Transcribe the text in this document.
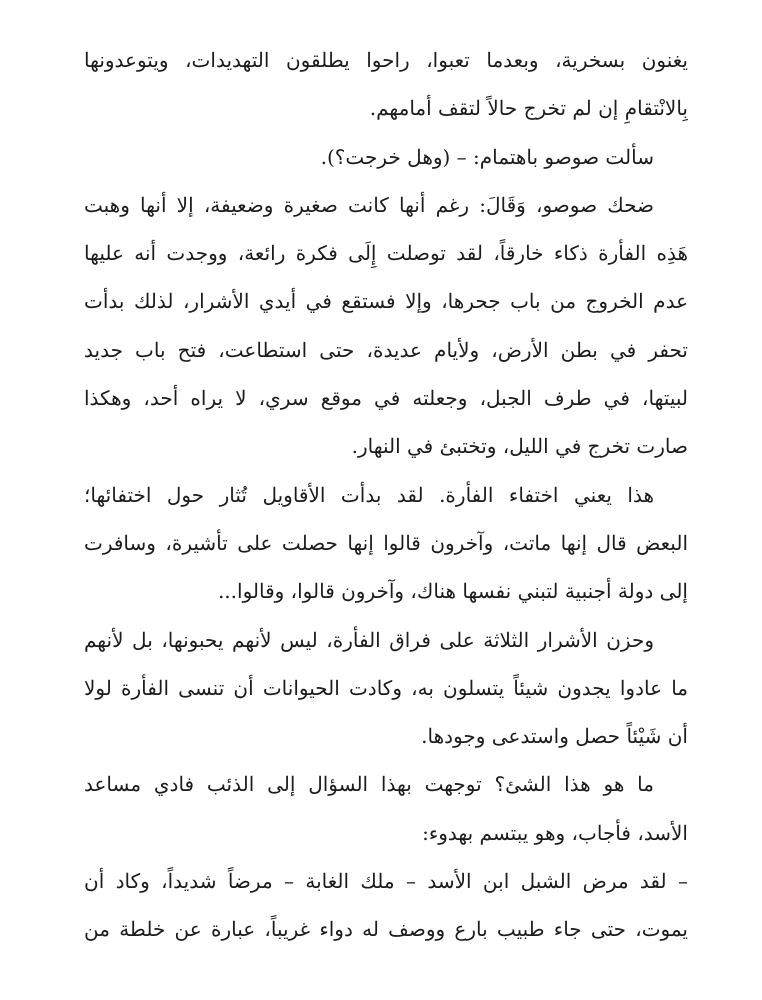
يغنون بسخرية، وبعدما تعبوا، راحوا يطلقون التهديدات، ويتوعدونها
بِالانْتقامِ إن لم تخرج حالاً لتقف أمامهم.
سألت صوصو باهتمام: – (وهل خرجت؟).
ضحك صوصو، وَقَالَ: رغم أنها كانت صغيرة وضعيفة، إلا أنها وهبت
هَذِه الفأرة ذكاء خارقاً، لقد توصلت إِلَى فكرة رائعة، ووجدت أنه عليها
عدم الخروج من باب جحرها، وإلا فستقع في أيدي الأشرار، لذلك بدأت
تحفر في بطن الأرض، ولأيام عديدة، حتى استطاعت، فتح باب جديد
لبيتها، في طرف الجبل، وجعلته في موقع سري، لا يراه أحد، وهكذا
صارت تخرج في الليل، وتختبئ في النهار.
هذا يعني اختفاء الفأرة. لقد بدأت الأقاويل تُثار حول اختفائها؛
البعض قال إنها ماتت، وآخرون قالوا إنها حصلت على تأشيرة، وسافرت
إلى دولة أجنبية لتبني نفسها هناك، وآخرون قالوا، وقالوا...
وحزن الأشرار الثلاثة على فراق الفأرة، ليس لأنهم يحبونها، بل لأنهم
ما عادوا يجدون شيئاً يتسلون به، وكادت الحيوانات أن تنسى الفأرة لولا
أن شَيْئاً حصل واستدعى وجودها.
ما هو هذا الشئ؟ توجهت بهذا السؤال إلى الذئب فادي مساعد
الأسد، فأجاب، وهو يبتسم بهدوء:
– لقد مرض الشبل ابن الأسد – ملك الغابة – مرضاً شديداً، وكاد أن
يموت، حتى جاء طبيب بارع ووصف له دواء غريباً، عبارة عن خلطة من
